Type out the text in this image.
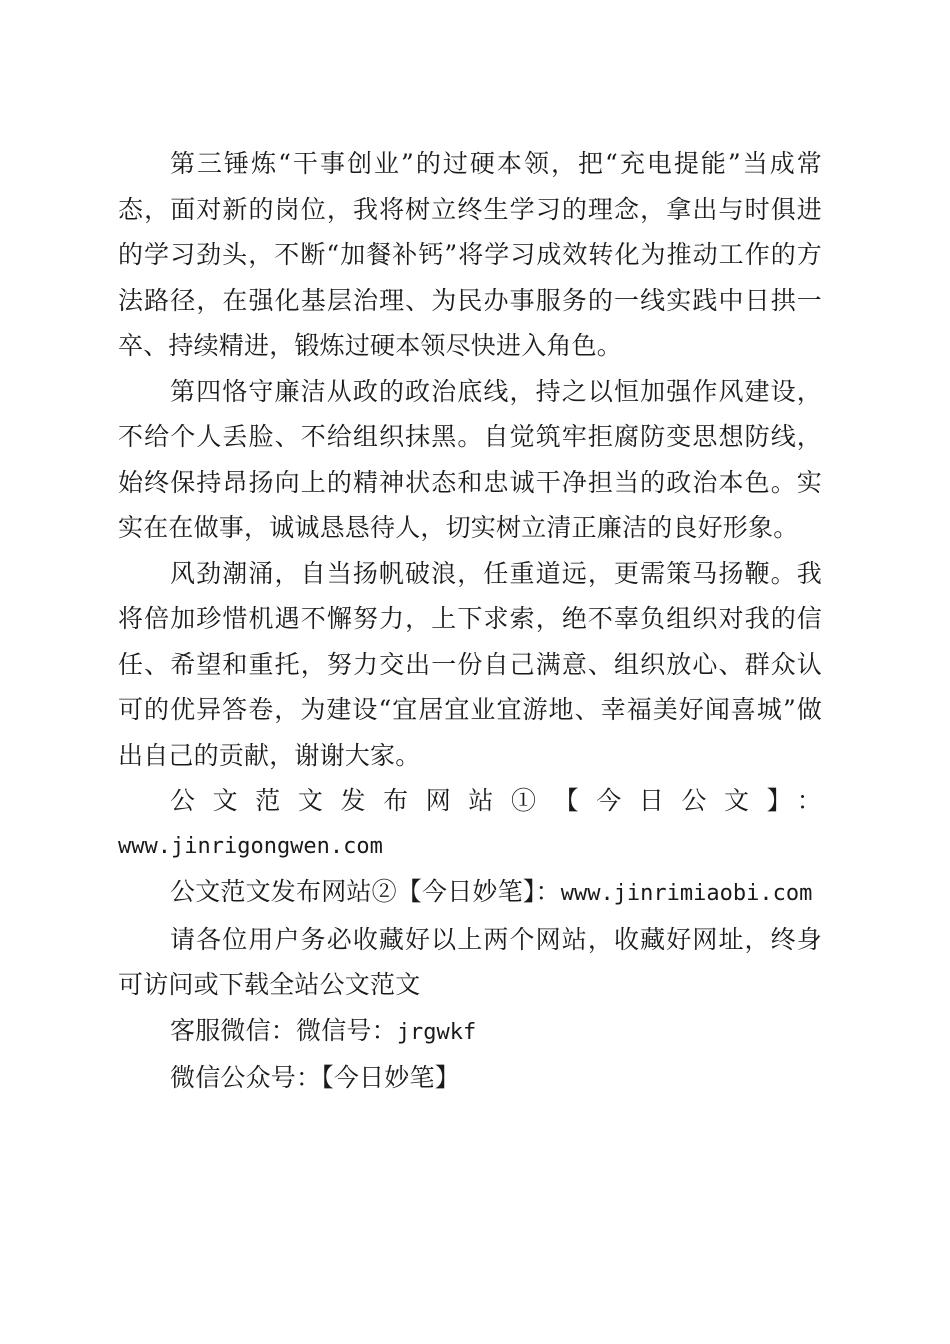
第三锤炼“干事创业”的过硬本领，把“充电提能”当成常态，面对新的岗位，我将树立终生学习的理念，拿出与时俱进的学习劲头，不断“加餐补钙”将学习成效转化为推动工作的方法路径，在强化基层治理、为民办事服务的一线实践中日拱一卒、持续精进，锻炼过硬本领尽快进入角色。

第四恪守廉洁从政的政治底线，持之以恒加强作风建设，不给个人丢脸、不给组织抹黑。自觉筑牢拒腐防变思想防线，始终保持昂扬向上的精神状态和忠诚干净担当的政治本色。实实在在做事，诚诚恳恳待人，切实树立清正廉洁的良好形象。

风劲潮涌，自当扬帆破浪，任重道远，更需策马扬鞭。我将倍加珍惜机遇不懈努力，上下求索，绝不辜负组织对我的信任、希望和重托，努力交出一份自己满意、组织放心、群众认可的优异答卷，为建设“宜居宜业宜游地、幸福美好闻喜城”做出自己的贡献，谢谢大家。

公文范文发布网站①【今日公文】：
www.jinrigongwen.com

公文范文发布网站②【今日妙笔】：www.jinrimiaobi.com

请各位用户务必收藏好以上两个网站，收藏好网址，终身可访问或下载全站公文范文

客服微信：微信号：jrgwkf

微信公众号：【今日妙笔】
